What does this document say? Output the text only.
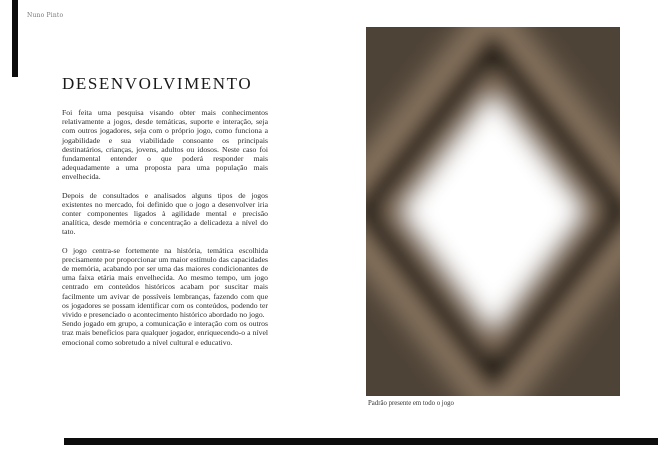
Nuno Pinto
DESENVOLVIMENTO

Foi feita uma pesquisa visando obter mais conhecimentos relativamente a jogos, desde temáticas, suporte e interação, seja com outros jogadores, seja com o próprio jogo, como funciona a jogabilidade e sua viabilidade consoante os principais destinatários, crianças, jovens, adultos ou idosos. Neste caso foi fundamental entender o que poderá responder mais adequadamente a uma proposta para uma população mais envelhecida.

Depois de consultados e analisados alguns tipos de jogos existentes no mercado, foi definido que o jogo a desenvolver iria conter componentes ligados à agilidade mental e precisão analítica, desde memória e concentração a delicadeza a nível do tato.

O jogo centra-se fortemente na história, temática escolhida precisamente por proporcionar um maior estímulo das capacidades de memória, acabando por ser uma das maiores condicionantes de uma faixa etária mais envelhecida. Ao mesmo tempo, um jogo centrado em conteúdos históricos acabam por suscitar mais facilmente um avivar de possíveis lembranças, fazendo com que os jogadores se possam identificar com os conteúdos, podendo ter vivido e presenciado o acontecimento histórico abordado no jogo.

Sendo jogado em grupo, a comunicação e interação com os outros traz mais benefícios para qualquer jogador, enriquecendo-o a nível emocional como sobretudo a nível cultural e educativo.

Padrão presente em todo o jogo
